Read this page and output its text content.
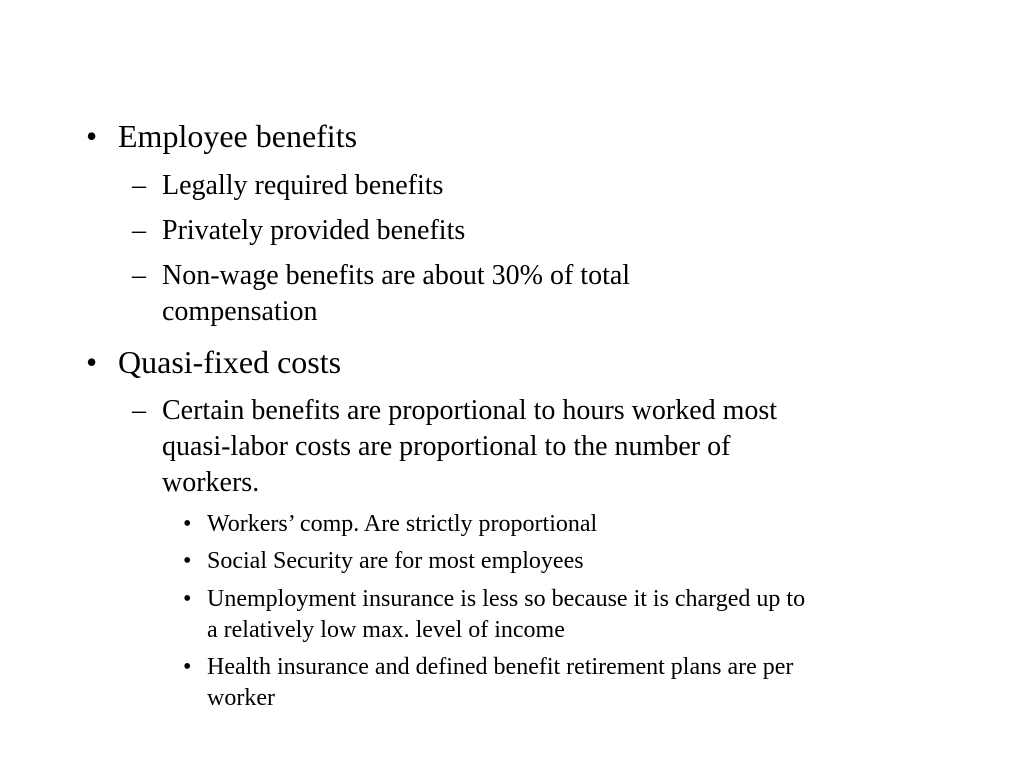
• Employee benefits
– Legally required benefits
– Privately provided benefits
– Non-wage benefits are about 30% of total
compensation
• Quasi-fixed costs
– Certain benefits are proportional to hours worked most
quasi-labor costs are proportional to the number of
workers.
• Workers’ comp. Are strictly proportional
• Social Security are for most employees
• Unemployment insurance is less so because it is charged up to
a relatively low max. level of income
• Health insurance and defined benefit retirement plans are per
worker
